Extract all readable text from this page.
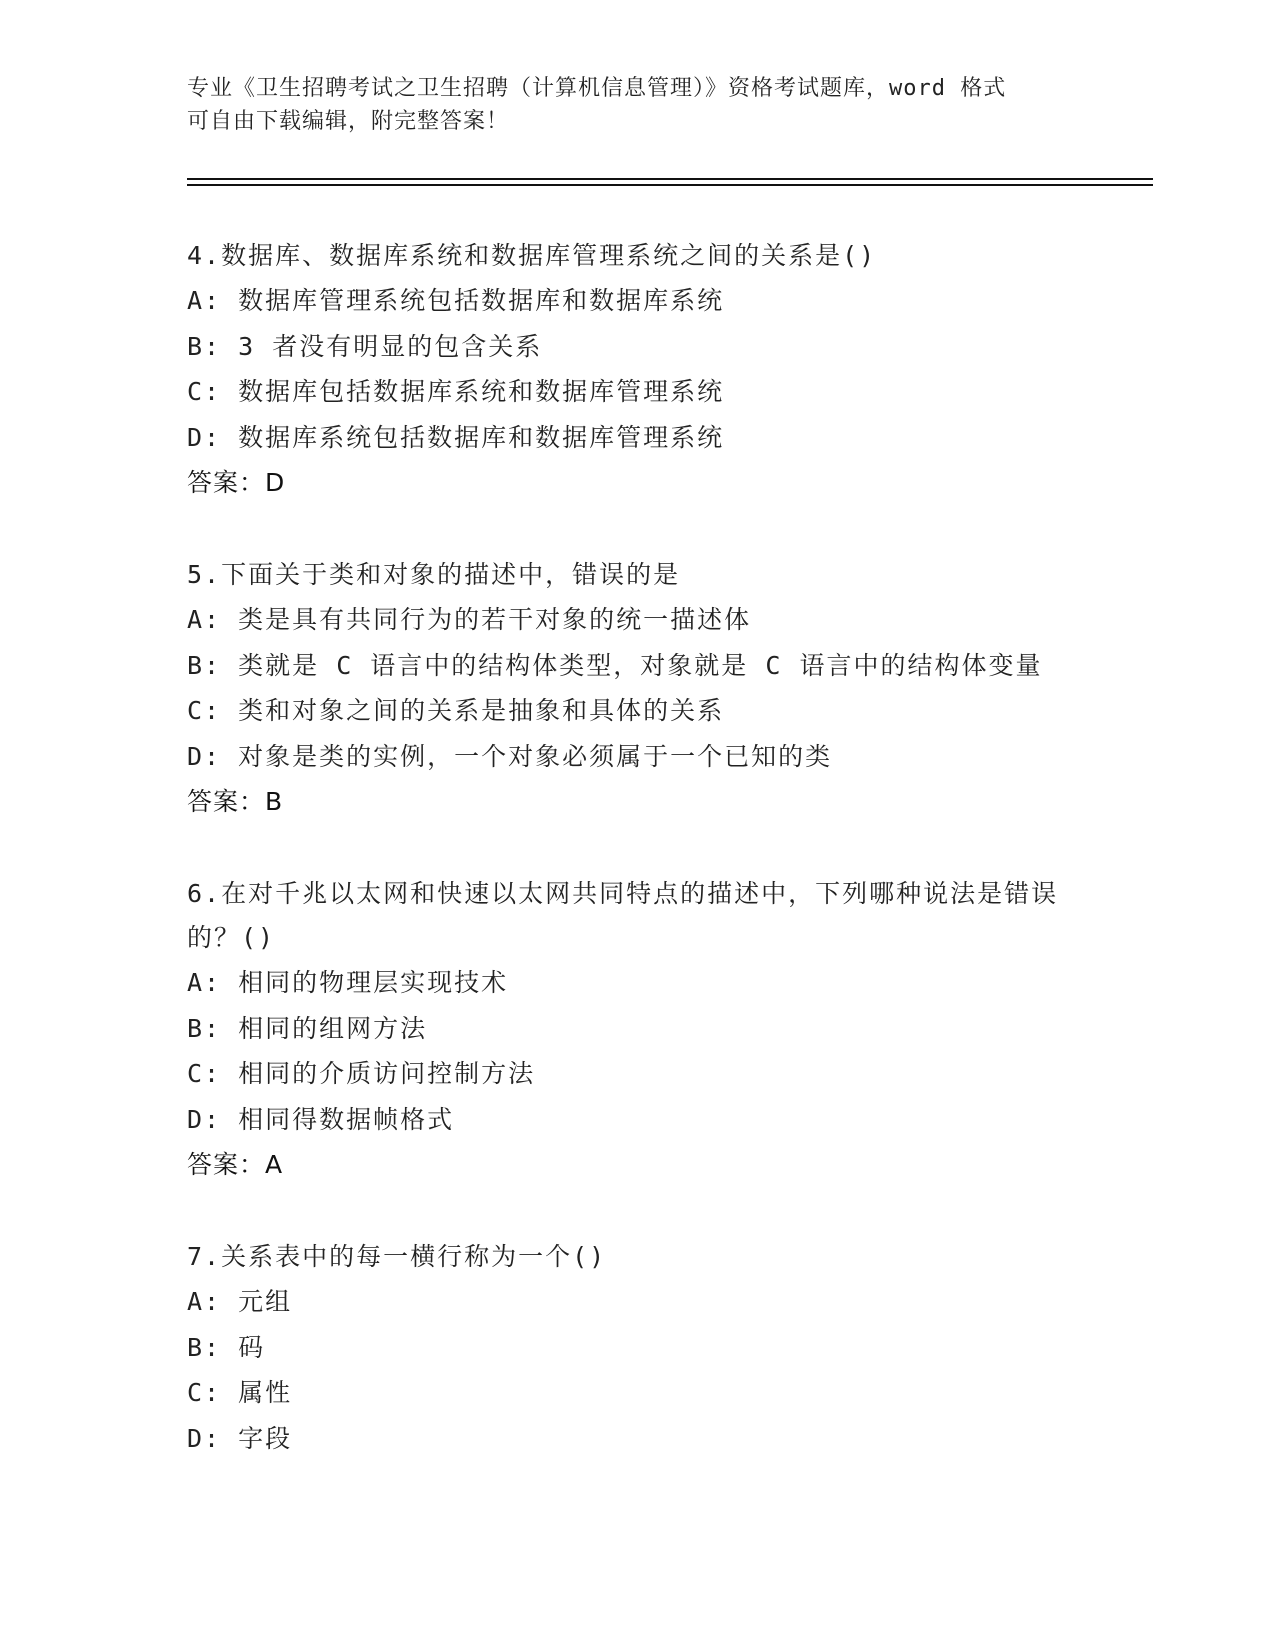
专业《卫生招聘考试之卫生招聘（计算机信息管理）》资格考试题库，word 格式
可自由下载编辑，附完整答案！

4.数据库、数据库系统和数据库管理系统之间的关系是()

A: 数据库管理系统包括数据库和数据库系统

B: 3 者没有明显的包含关系

C: 数据库包括数据库系统和数据库管理系统

D: 数据库系统包括数据库和数据库管理系统

答案：D

5.下面关于类和对象的描述中，错误的是

A: 类是具有共同行为的若干对象的统一描述体

B: 类就是 C 语言中的结构体类型，对象就是 C 语言中的结构体变量

C: 类和对象之间的关系是抽象和具体的关系

D: 对象是类的实例，一个对象必须属于一个已知的类

答案：B

6.在对千兆以太网和快速以太网共同特点的描述中，下列哪种说法是错误的？()

A: 相同的物理层实现技术

B: 相同的组网方法

C: 相同的介质访问控制方法

D: 相同得数据帧格式

答案：A

7.关系表中的每一横行称为一个()

A: 元组

B: 码

C: 属性

D: 字段
